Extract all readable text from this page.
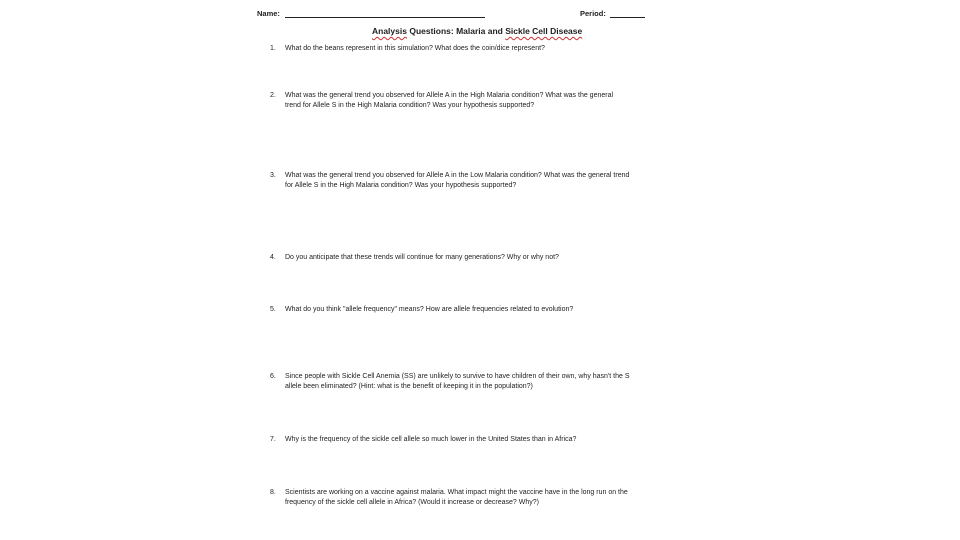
Name:	Period:
Analysis Questions: Malaria and Sickle Cell Disease
1.	What do the beans represent in this simulation? What does the coin/dice represent?
2.	What was the general trend you observed for Allele A in the High Malaria condition? What was the general
trend for Allele S in the High Malaria condition? Was your hypothesis supported?
3.	What was the general trend you observed for Allele A in the Low Malaria condition? What was the general trend
for Allele S in the High Malaria condition? Was your hypothesis supported?
4.	Do you anticipate that these trends will continue for many generations? Why or why not?
5.	What do you think "allele frequency" means? How are allele frequencies related to evolution?
6.	Since people with Sickle Cell Anemia (SS) are unlikely to survive to have children of their own, why hasn't the S
allele been eliminated? (Hint: what is the benefit of keeping it in the population?)
7.	Why is the frequency of the sickle cell allele so much lower in the United States than in Africa?
8.	Scientists are working on a vaccine against malaria. What impact might the vaccine have in the long run on the
frequency of the sickle cell allele in Africa? (Would it increase or decrease? Why?)
